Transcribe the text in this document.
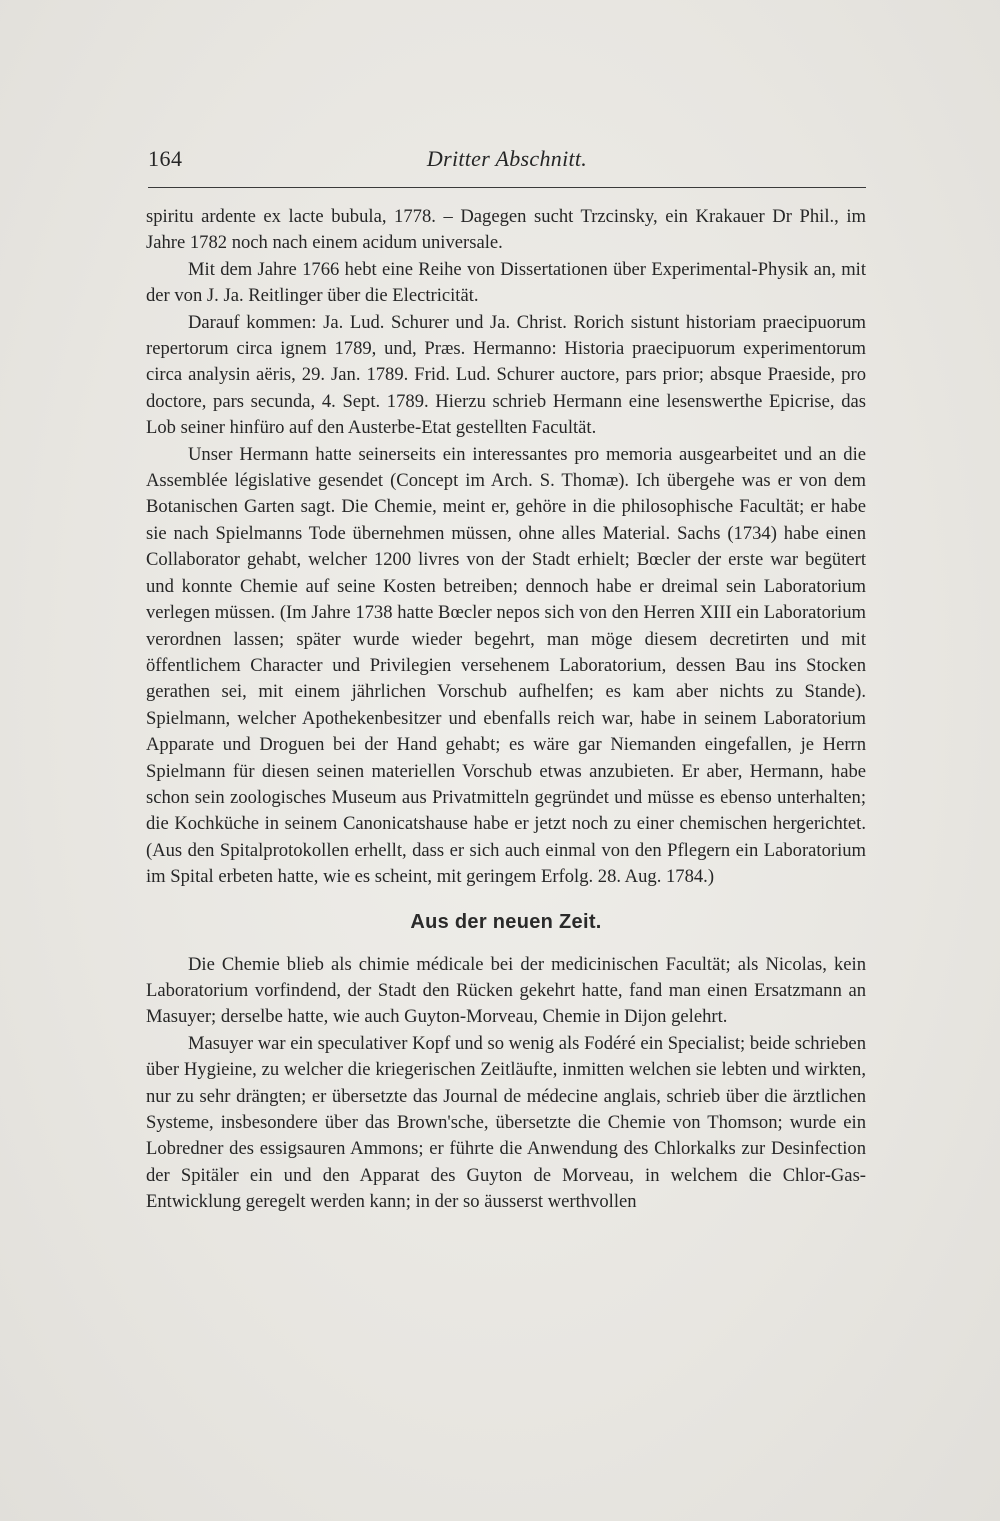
164	Dritter Abschnitt.

spiritu ardente ex lacte bubula, 1778. – Dagegen sucht Trzcinsky, ein Krakauer Dr Phil., im Jahre 1782 noch nach einem acidum universale.

Mit dem Jahre 1766 hebt eine Reihe von Dissertationen über Experimental-Physik an, mit der von J. Ja. Reitlinger über die Electricität.

Darauf kommen: Ja. Lud. Schurer und Ja. Christ. Rorich sistunt historiam praecipuorum repertorum circa ignem 1789, und, Præs. Hermanno: Historia praecipuorum experimentorum circa analysin aëris, 29. Jan. 1789. Frid. Lud. Schurer auctore, pars prior; absque Praeside, pro doctore, pars secunda, 4. Sept. 1789. Hierzu schrieb Hermann eine lesenswerthe Epicrise, das Lob seiner hinfüro auf den Austerbe-Etat gestellten Facultät.

Unser Hermann hatte seinerseits ein interessantes pro memoria ausgearbeitet und an die Assemblée législative gesendet (Concept im Arch. S. Thomæ). Ich übergehe was er von dem Botanischen Garten sagt. Die Chemie, meint er, gehöre in die philosophische Facultät; er habe sie nach Spielmanns Tode übernehmen müssen, ohne alles Material. Sachs (1734) habe einen Collaborator gehabt, welcher 1200 livres von der Stadt erhielt; Bœcler der erste war begütert und konnte Chemie auf seine Kosten betreiben; dennoch habe er dreimal sein Laboratorium verlegen müssen. (Im Jahre 1738 hatte Bœcler nepos sich von den Herren XIII ein Laboratorium verordnen lassen; später wurde wieder begehrt, man möge diesem decretirten und mit öffentlichem Character und Privilegien versehenem Laboratorium, dessen Bau ins Stocken gerathen sei, mit einem jährlichen Vorschub aufhelfen; es kam aber nichts zu Stande). Spielmann, welcher Apothekenbesitzer und ebenfalls reich war, habe in seinem Laboratorium Apparate und Droguen bei der Hand gehabt; es wäre gar Niemanden eingefallen, je Herrn Spielmann für diesen seinen materiellen Vorschub etwas anzubieten. Er aber, Hermann, habe schon sein zoologisches Museum aus Privatmitteln gegründet und müsse es ebenso unterhalten; die Kochküche in seinem Canonicatshause habe er jetzt noch zu einer chemischen hergerichtet. (Aus den Spitalprotokollen erhellt, dass er sich auch einmal von den Pflegern ein Laboratorium im Spital erbeten hatte, wie es scheint, mit geringem Erfolg. 28. Aug. 1784.)

Aus der neuen Zeit.

Die Chemie blieb als chimie médicale bei der medicinischen Facultät; als Nicolas, kein Laboratorium vorfindend, der Stadt den Rücken gekehrt hatte, fand man einen Ersatzmann an Masuyer; derselbe hatte, wie auch Guyton-Morveau, Chemie in Dijon gelehrt.

Masuyer war ein speculativer Kopf und so wenig als Fodéré ein Specialist; beide schrieben über Hygieine, zu welcher die kriegerischen Zeitläufte, inmitten welchen sie lebten und wirkten, nur zu sehr drängten; er übersetzte das Journal de médecine anglais, schrieb über die ärztlichen Systeme, insbesondere über das Brown'sche, übersetzte die Chemie von Thomson; wurde ein Lobredner des essigsauren Ammons; er führte die Anwendung des Chlorkalks zur Desinfection der Spitäler ein und den Apparat des Guyton de Morveau, in welchem die Chlor-Gas-Entwicklung geregelt werden kann; in der so äusserst werthvollen
